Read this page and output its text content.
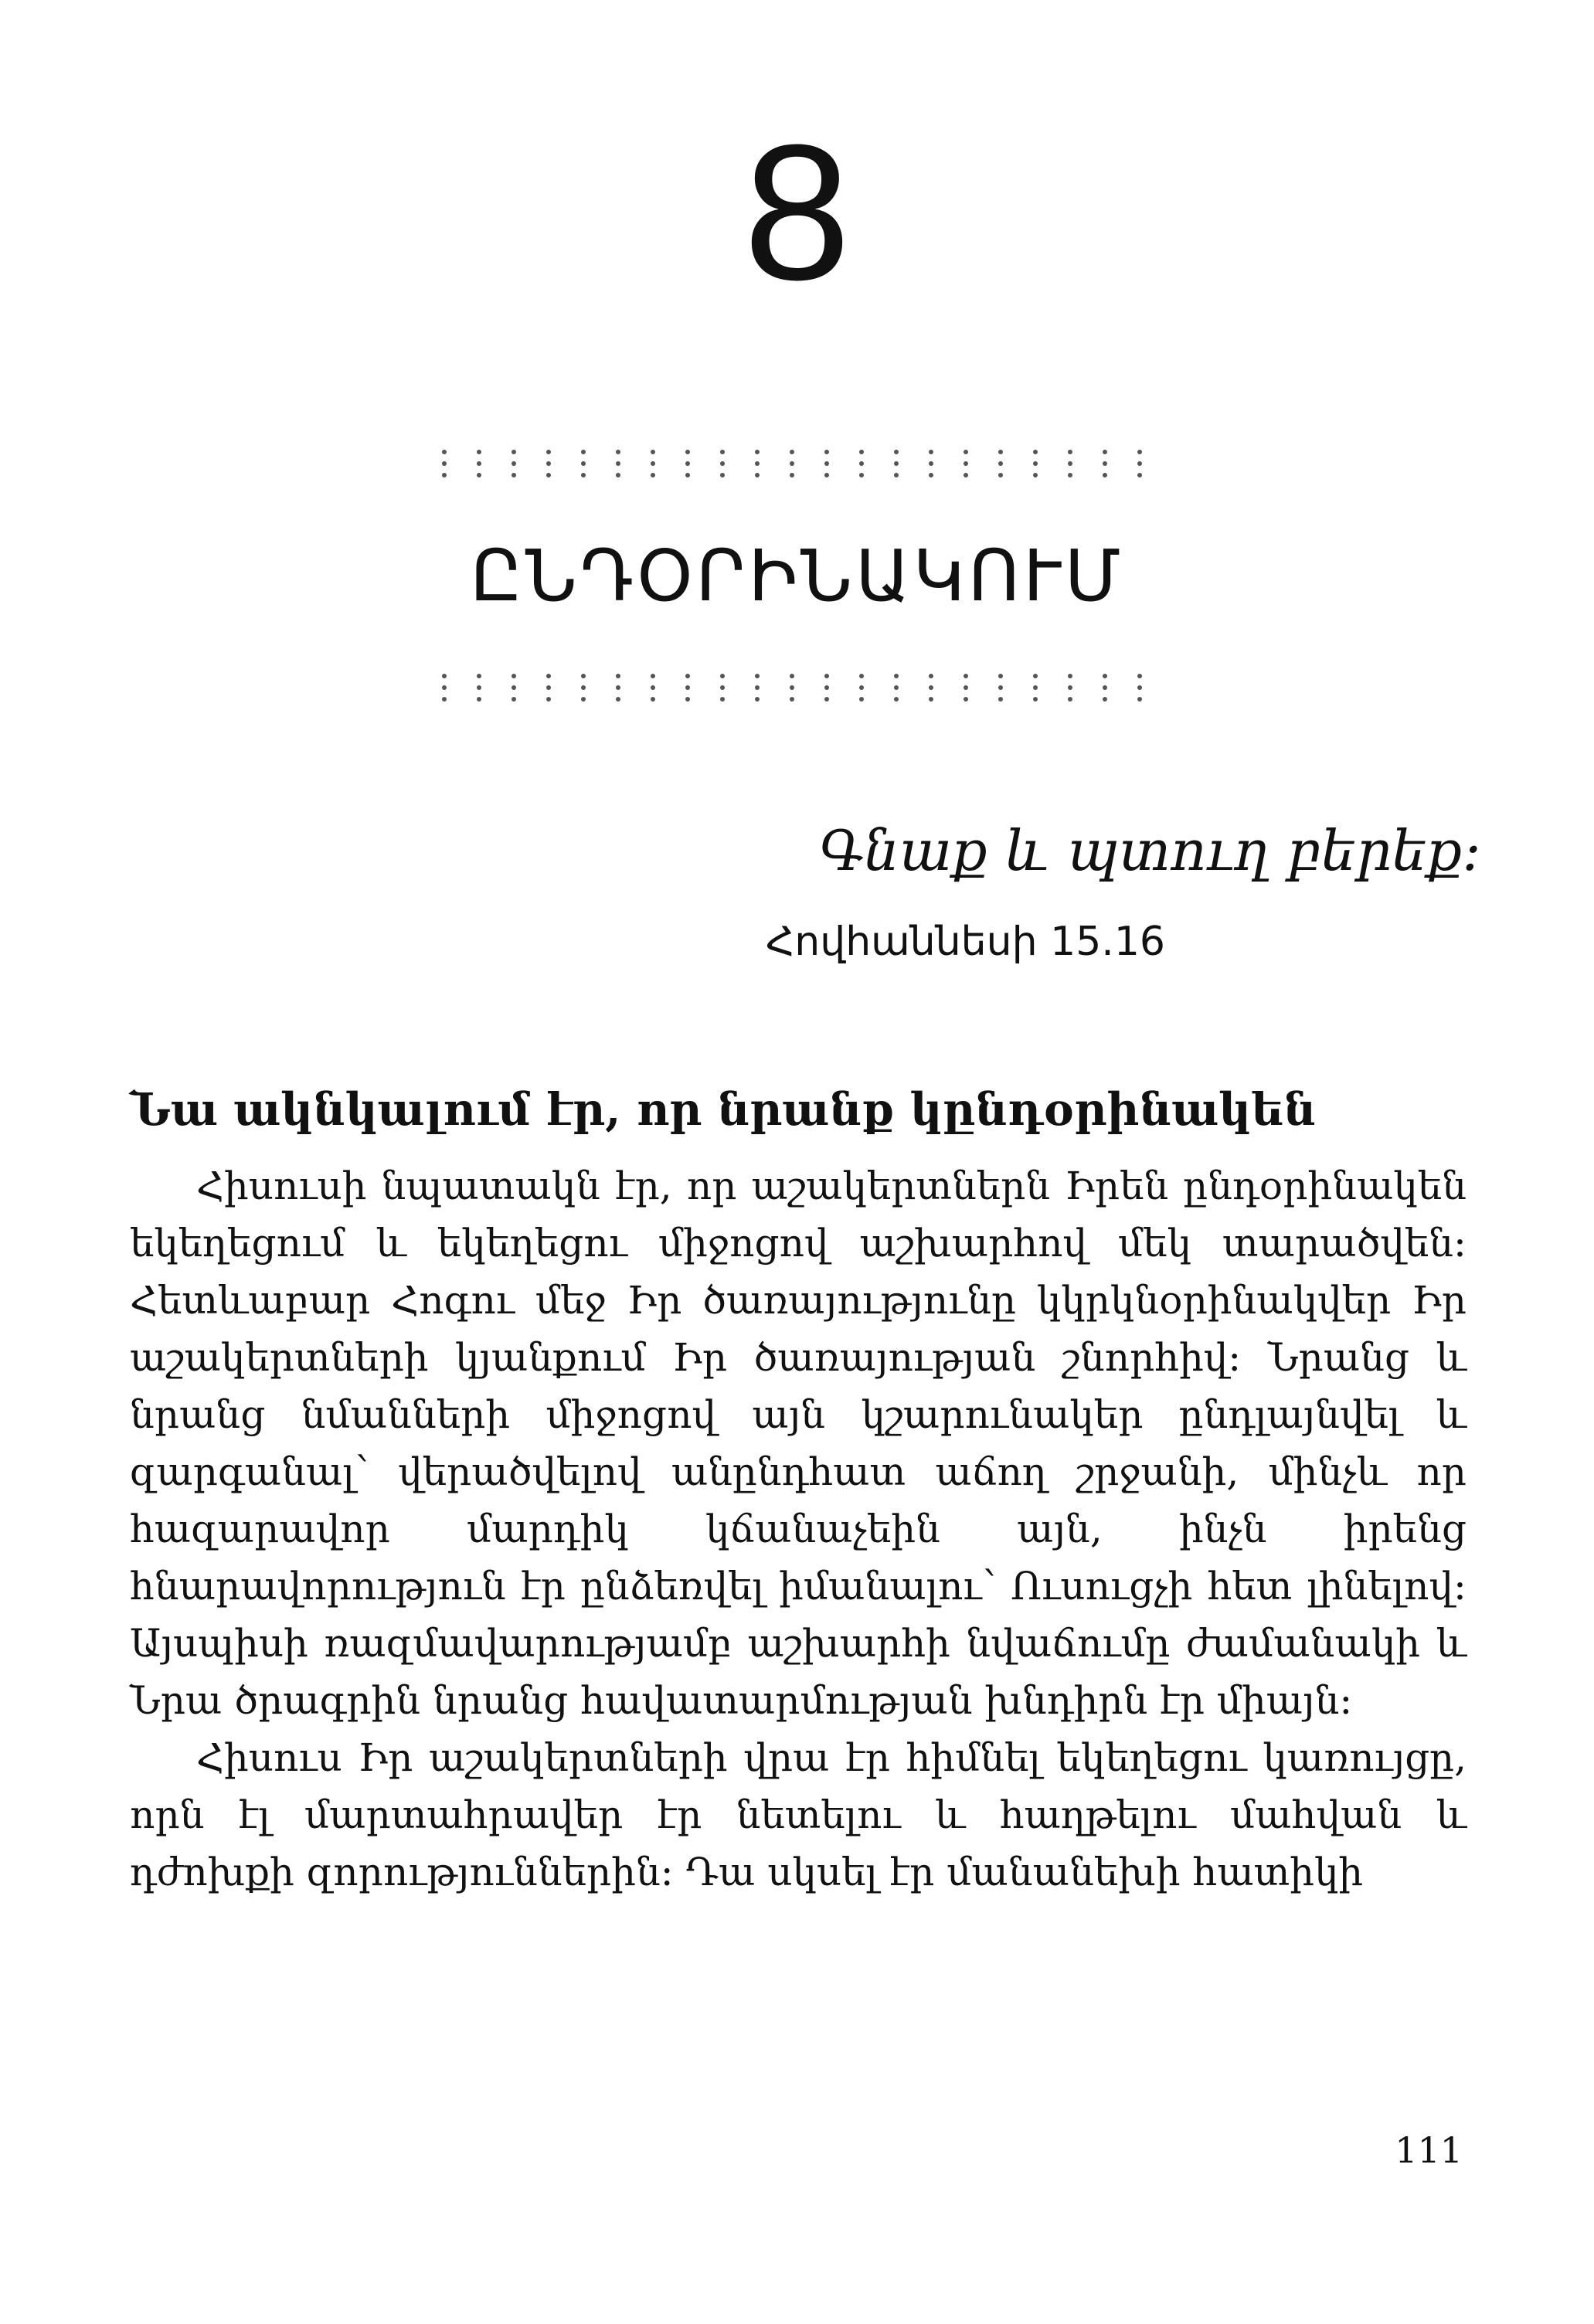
8
ԸՆԴՕՐԻՆԱԿՈՒՄ
Գնաք և պտուղ բերեք։
Հովհաննեսի 15.16
Նա ակնկալում էր, որ նրանք կընդօրինակեն

Հիսուսի նպատակն էր, որ աշակերտներն Իրեն ընդօրինակեն եկեղեցում և եկեղեցու միջոցով աշխարհով մեկ տարածվեն։ Հետևաբար Հոգու մեջ Իր ծառայությունը կկրկնօրինակվեր Իր աշակերտների կյանքում Իր ծառայության շնորհիվ։ Նրանց և նրանց նմանների միջոցով այն կշարունակեր ընդլայնվել և զարգանալ՝ վերածվելով անընդհատ աճող շրջանի, մինչև որ հազարավոր մարդիկ կճանաչեին այն, ինչն իրենց հնարավորություն էր ընձեռվել իմանալու՝ Ուսուցչի հետ լինելով։ Այսպիսի ռազմավարությամբ աշխարհի նվաճումը ժամանակի և Նրա ծրագրին նրանց հավատարմության խնդիրն էր միայն։

Հիսուս Իր աշակերտների վրա էր հիմնել եկեղեցու կառույցը, որն էլ մարտահրավեր էր նետելու և հաղթելու մահվան և դժոխքի զորություններին։ Դա սկսել էր մանանեխի հատիկի

111
